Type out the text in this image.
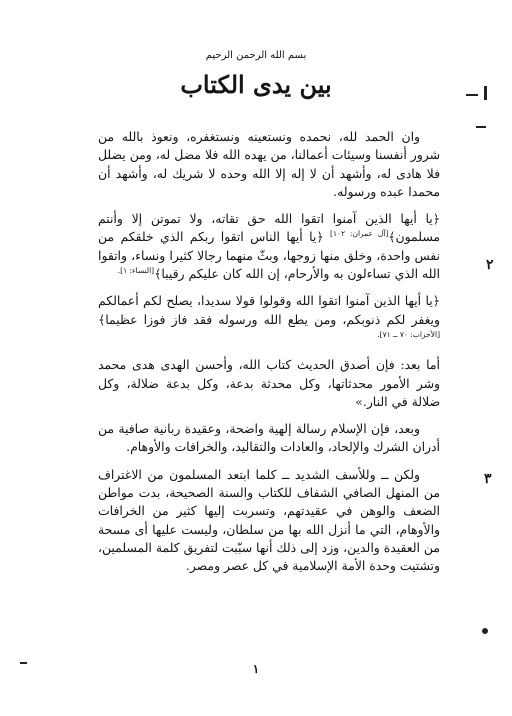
بسم الله الرحمن الرحيم
بين يدى الكتاب

وان الحمد لله، نحمده ونستعينه ونستغفره، ونعوذ بالله من شرور أنفسنا وسيئات أعمالنا، من يهده الله فلا مضل له، ومن يضلل فلا هادى له، وأشهد أن لا إله إلا الله وحده لا شريك له، وأشهد أن محمدا عبده ورسوله.

﴿يا أيها الذين آمنوا اتقوا الله حق تقاته، ولا تموتن إلا وأنتم مسلمون﴾[آل عمران: ١٠٢] ﴿يا أيها الناس اتقوا ربكم الذي خلقكم من نفس واحدة، وخلق منها زوجها، وبثّ منهما رجالا كثيرا ونساء، واتقوا الله الذي تساءلون به والأرحام، إن الله كان عليكم رقيبا﴾$^{[النساء: ١].}$

﴿يا أيها الذين آمنوا اتقوا الله وقولوا قولا سديدا، يصلح لكم أعمالكم ويغفر لكم ذنوبكم، ومن يطع الله ورسوله فقد فاز فوزا عظيما﴾$^{[الأحزاب: ٧٠ ــ ٧١].}$

أما بعد: فإن أصدق الحديث كتاب الله، وأحسن الهدى هدى محمد وشر الأمور محدثاتها، وكل محدثة بدعة، وكل بدعة ضلالة، وكل ضلالة في النار.»

وبعد، فإن الإسلام رسالة إلهية واضحة، وعقيدة ربانية صافية من أدران الشرك والإلحاد، والعادات والتقاليد، والخرافات والأوهام.

ولكن ــ وللأسف الشديد ــ كلما ابتعد المسلمون من الاغتراف من المنهل الصافي الشفاف للكتاب والسنة الصحيحة، بدت مواطن الضعف والوهن في عقيدتهم، وتسربت إليها كثير من الخرافات والأوهام، التي ما أنزل الله بها من سلطان، وليست عليها أى مسحة من العقيدة والدين، وزد إلى ذلك أنها سبّبت لتفريق كلمة المسلمين، وتشتيت وحدة الأمة الإسلامية في كل عصر ومصر.

١
٢
٣
